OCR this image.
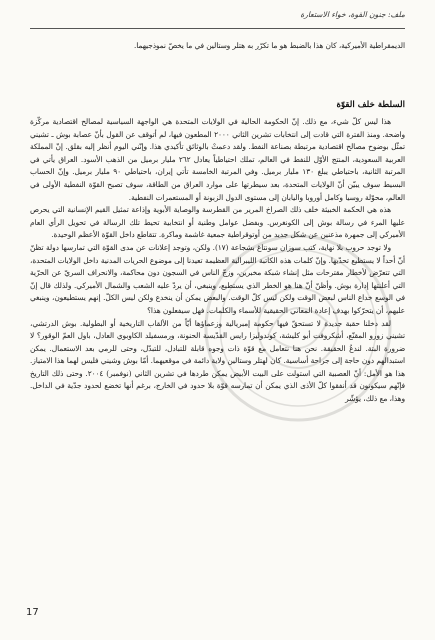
ملف: جنون القوة، خواء الاستعارة

الديمقراطية الأميركية، كان هذا بالضبط هو ما تكرّر به هتلر وستالين في ما يخصّ نموذجيهما.

السلطة خلف القوّة

هذا ليس كلّ شيء، مع ذلك. إنّ الحكومة الحالية في الولايات المتحدة هي الواجهة السياسية لمصالح اقتصادية مركّزة واضحة. ومنذ الفترة التي قادت إلى انتخابات تشرين الثاني ٢٠٠٠ المطعون فيها، لم أتوقف عن القول بأنّ عصابة بوش ـ تشيني تمثّل بوضوح مصالح اقتصادية مرتبطة بصناعة النفط. ولقد دعمتْ بالوثائق تأكيدي هذا. وإنّني اليوم أنظر إليه بقلق. إنّ المملكة العربية السعودية، المنتج الأوّل للنفط في العالم، تملك احتياطياً يعادل ٢٦٢ مليار برميل من الذهب الأسود. العراق يأتي في المرتبة الثانية، باحتياطي يبلغ ١٣٠ مليار برميل. وفي المرتبة الخامسة تأتي إيران، باحتياطي ٩٠ مليار برميل. وإنّ الحساب البسيط سوف يبيّن أنّ الولايات المتحدة، بعد سيطرتها على موارد العراق من الطاقة، سوف تصبح القوّة النفطية الأولى في العالم، محوّلة روسيا وكامل أوروبا واليابان إلى مستوى الدول الزبونة أو المستعمرات النفطية.

هذه هي الحكمة الخبيثة خلف ذلك الصراخ المرير من القطرسة والوصاية الأبوية وإذاعة تمثيل القيم الإنسانية التي يحرص عليها المرء في رسالة بوش إلى الكونغرس. وبفضل عوامل وطنية أو انتخابية تحيط تلك الرسالة في تحويل الرأي العام الأميركي إلى جمهرة مذعنين عن شكل جديد من أوتوقراطية جمعية غاشمة وماكرة. تتقاطع داخل القوّة الأعظم الوحيدة.

ولا توجد حروب بلا نهاية، كتب سوزان سونتاغ بشجاعة (١٧). ولكن، وتوجد إعلانات عن مدى القوّة التي تمارسها دولة تظنّ أنّ أحداً لا يستطيع تحدّيها. وإنّ كلمات هذه الكاتبة الليبرالية العظيمة تعيدنا إلى موضوع الحريات المدنية داخل الولايات المتحدة، التي تتعرّض لأخطار مقترحات مثل إنشاء شبكة مخبرين، وزجّ الناس في السجون دون محاكمة، والانحراف السريّ عن الحرّية التي أعلنتها إدارة بوش. وأظنّ أنّ هنا هو الخطر الذي يستطيع، وينبغي، أن يردّ عليه الشعب والشمال الأميركي. ولذلك قال إنّ في الوسع خداع الناس لبعض الوقت ولكن ليس كلّ الوقت. والبعض يمكن أن ينخدع ولكن ليس الكلّ. إنهم يستطيعون، وينبغي عليهم، أن يتحرّكوا بهدف إعادة المعاني الحقيقية للأسماء والكلمات. فهل سيفعلون هذا؟

لقد دخلنا حقبة جديدة لا تستحقّ فيها حكومة إمبريالية وزعماؤها أيّاً من الألقاب التاريخية أو البطولية. بوش الدرتشي، تشيني زورو المقنّع، أشكروفت أبو كليشة، كوندوليزا رايس القدّيسة الحنونة، ورمسفيلد الكاوبوي العادل، باول العمّ الوقور؟ لا ضرورة البتة. لندعُ الحقيقة. نحن هنا نتعامل مع قوّة ذات وجوه قابلة للتبادل، للتبدّل، وحتى للرمي بعد الاستعمال. يمكن استبدالهم دون حاجة إلى جراحة أساسية. كان لهتلر وستالين ولاية دائمة في موقعيهما. أمّا بوش وشيني فليس لهما هذا الامتياز. هذا هو الأمل: أنّ العصبية التي استولت على البيت الأبيض يمكن طردها في تشرين الثاني (نوفمبر) ٢٠٠٤. وحتى ذلك التاريخ فإنّهم سيكونون قد أنفقوا كلّ الأذى الذي يمكن أن تمارسه قوّة بلا حدود في الخارج، برغم أنها تخضع لحدود جدّية في الداخل. وهذا، مع ذلك، يؤشّر

17
